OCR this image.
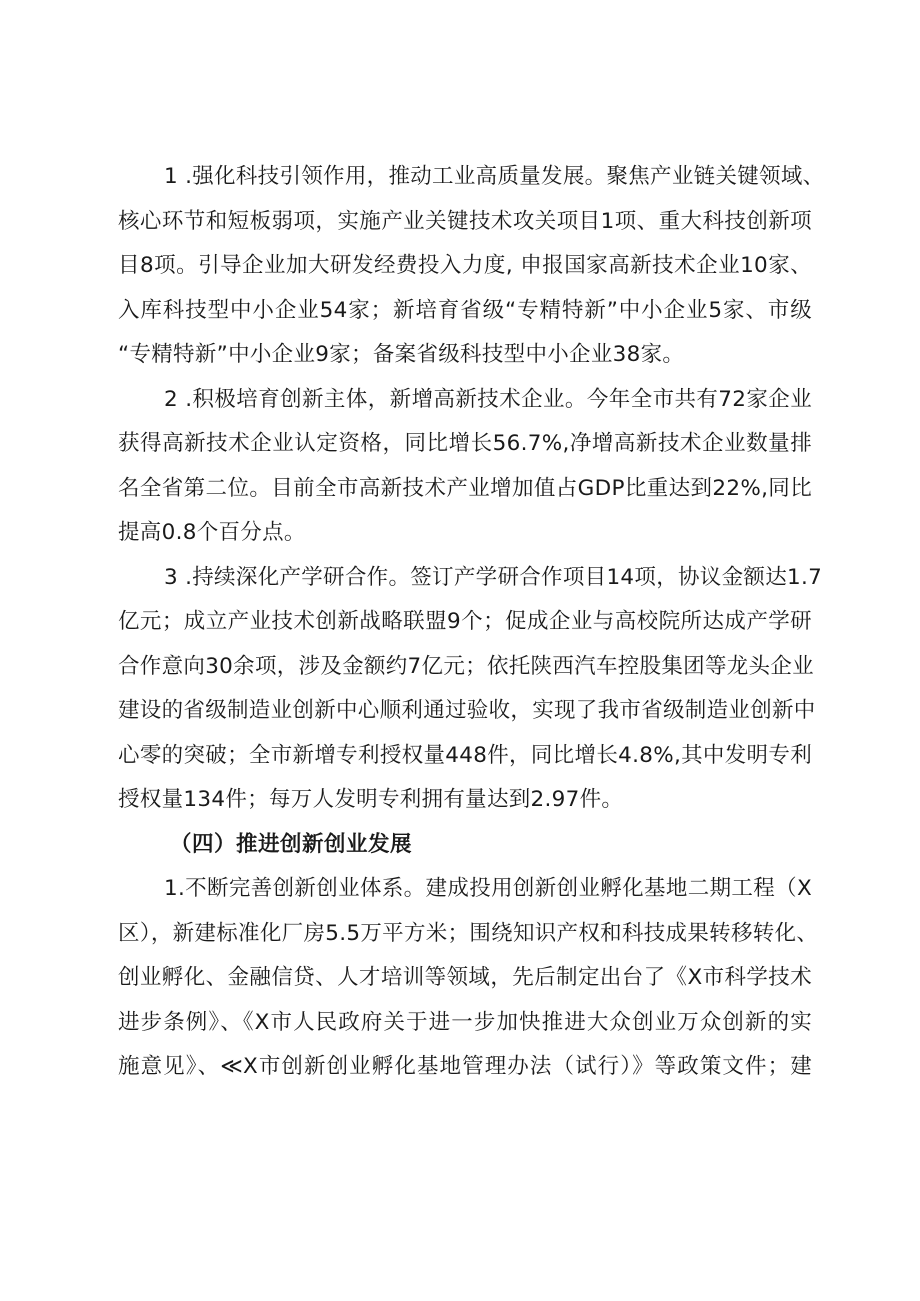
1 .强化科技引领作用，推动工业高质量发展。聚焦产业链关键领域、
核心环节和短板弱项，实施产业关键技术攻关项目1项、重大科技创新项
目8项。引导企业加大研发经费投入力度, 申报国家高新技术企业10家、
入库科技型中小企业54家；新培育省级“专精特新”中小企业5家、市级
“专精特新”中小企业9家；备案省级科技型中小企业38家。
2 .积极培育创新主体，新增高新技术企业。今年全市共有72家企业
获得高新技术企业认定资格，同比增长56.7%,净增高新技术企业数量排
名全省第二位。目前全市高新技术产业增加值占GDP比重达到22%,同比
提高0.8个百分点。
3 .持续深化产学研合作。签订产学研合作项目14项，协议金额达1.7
亿元；成立产业技术创新战略联盟9个；促成企业与高校院所达成产学研
合作意向30余项，涉及金额约7亿元；依托陕西汽车控股集团等龙头企业
建设的省级制造业创新中心顺利通过验收，实现了我市省级制造业创新中
心零的突破；全市新增专利授权量448件，同比增长4.8%,其中发明专利
授权量134件；每万人发明专利拥有量达到2.97件。
（四）推进创新创业发展
1.不断完善创新创业体系。建成投用创新创业孵化基地二期工程（X
区），新建标准化厂房5.5万平方米；围绕知识产权和科技成果转移转化、
创业孵化、金融信贷、人才培训等领域，先后制定出台了《X市科学技术
进步条例》、《X市人民政府关于进一步加快推进大众创业万众创新的实
施意见》、≪X市创新创业孵化基地管理办法（试行）》等政策文件；建
